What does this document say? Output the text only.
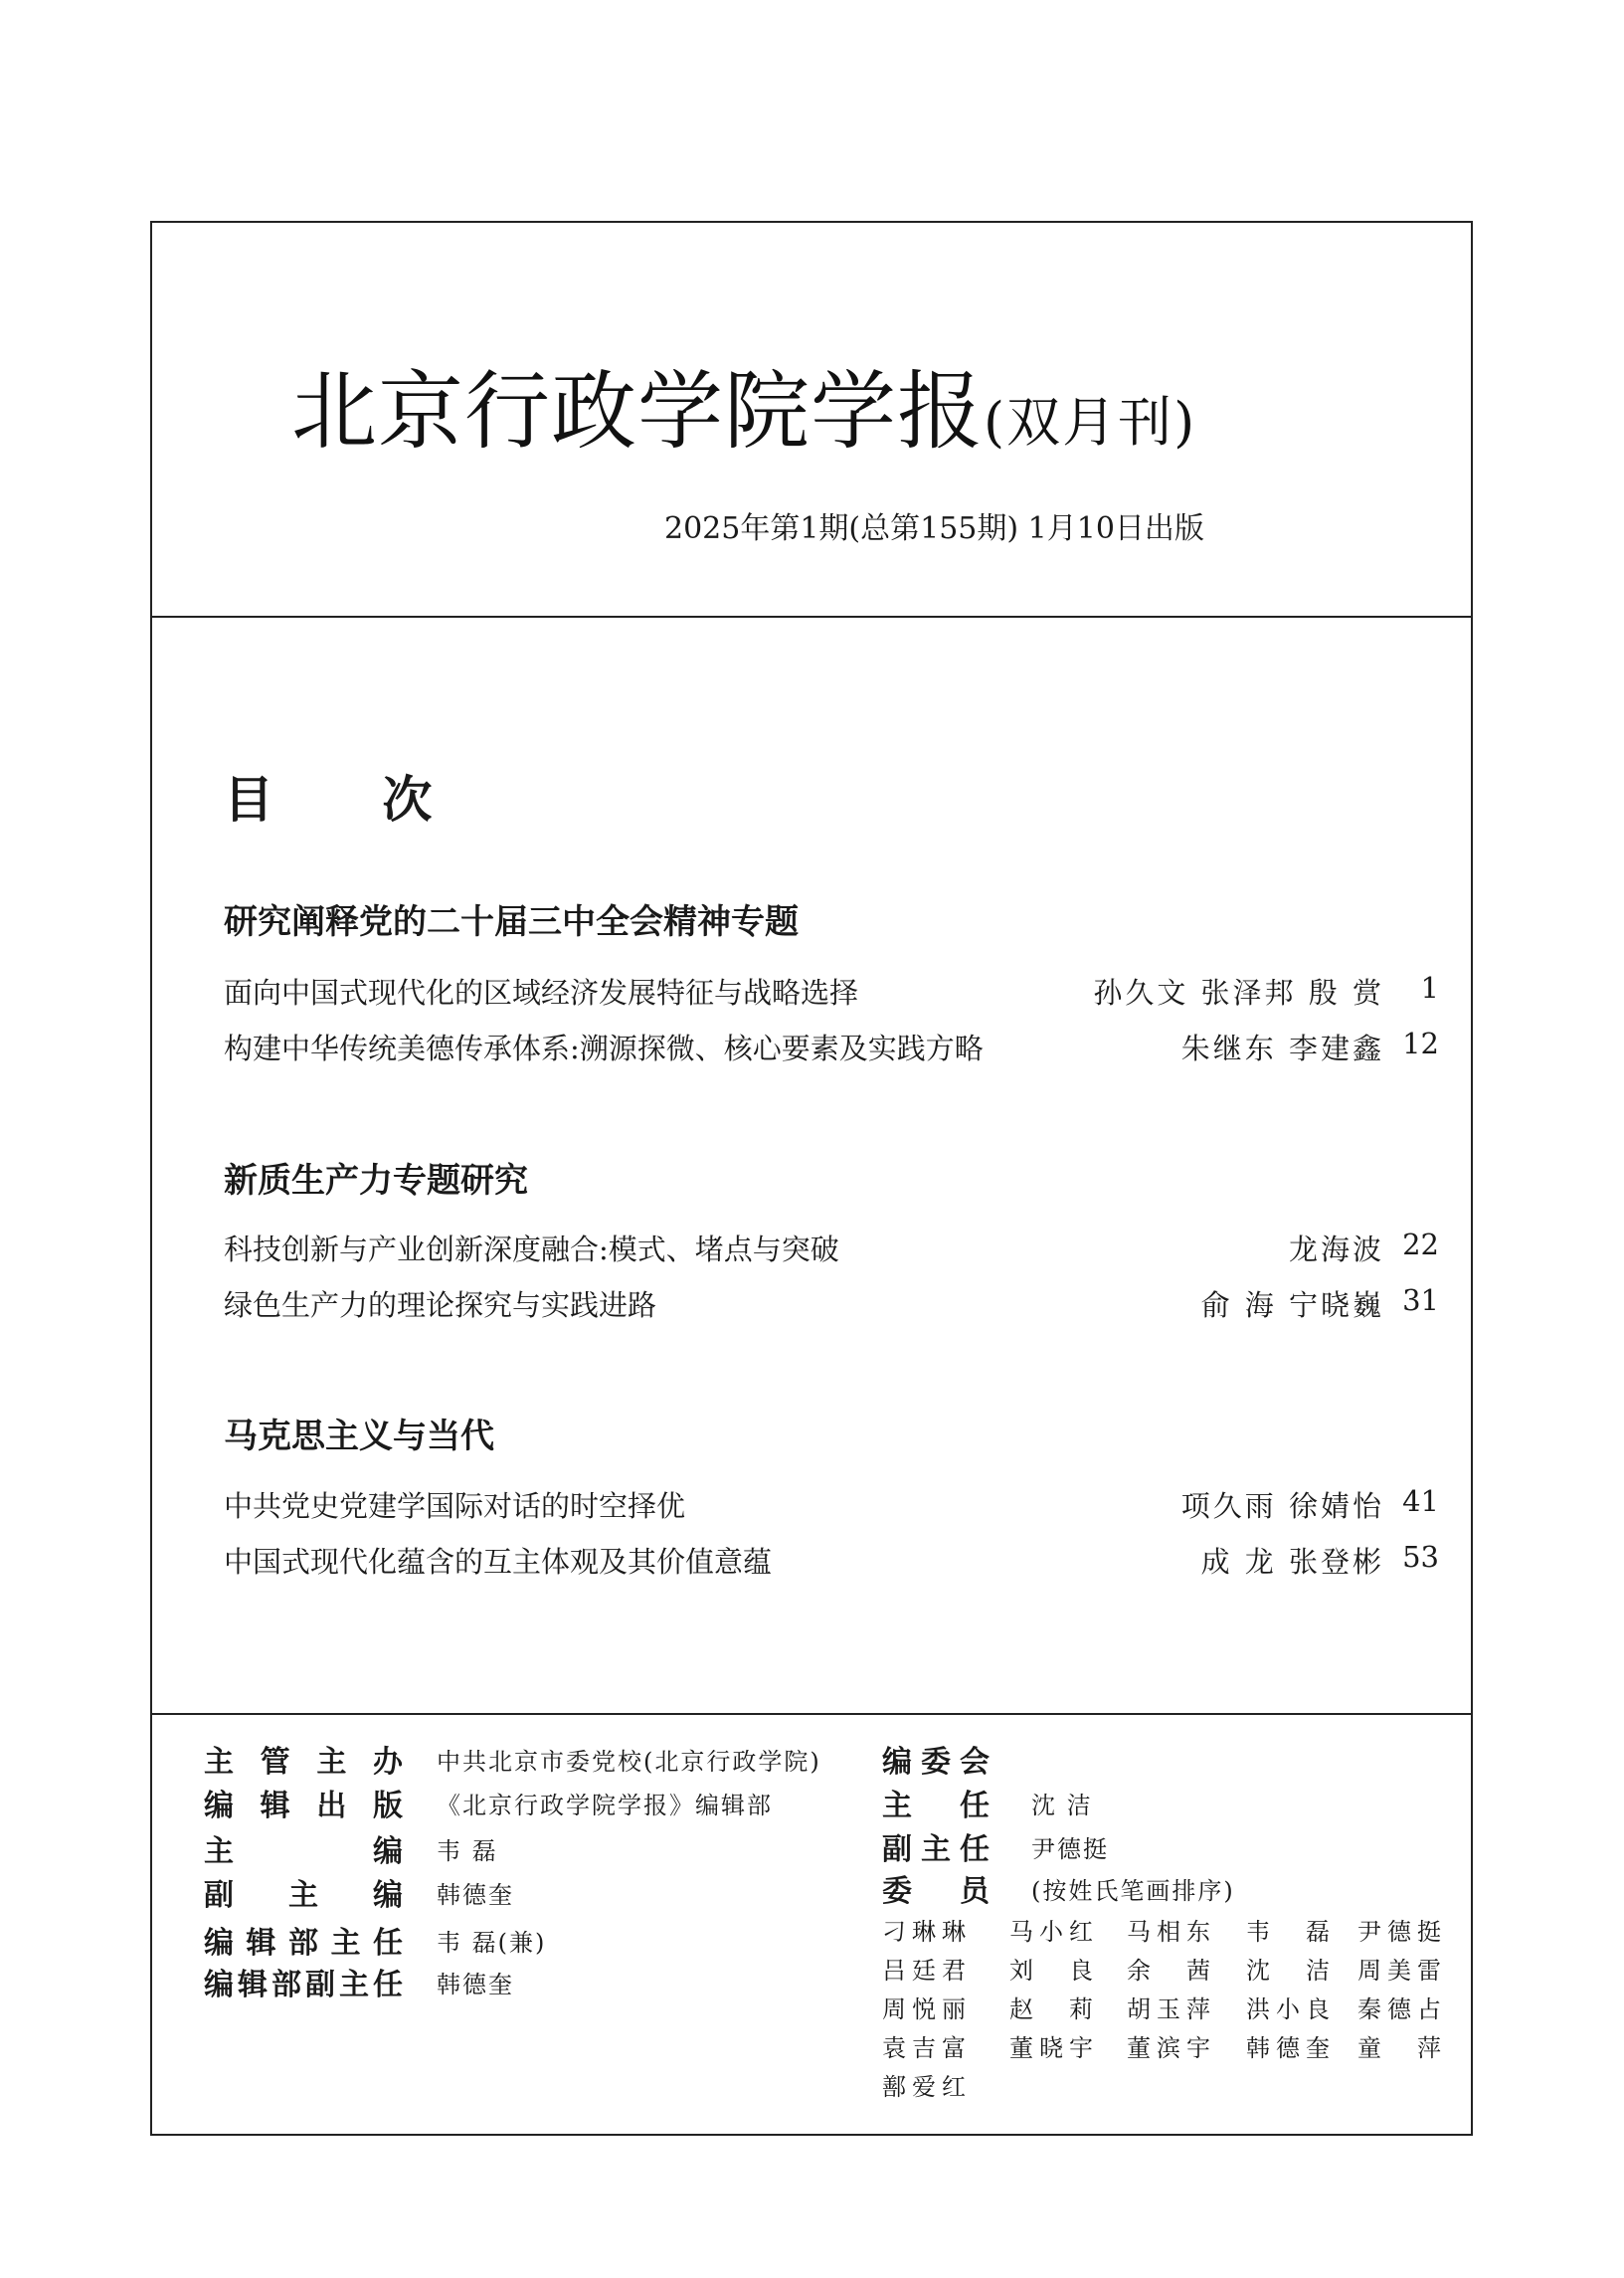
北京行政学院学报(双月刊)
2025年第1期(总第155期) 1月10日出版
目 次
研究阐释党的二十届三中全会精神专题
面向中国式现代化的区域经济发展特征与战略选择	孙久文 张泽邦 殷 赏 1
构建中华传统美德传承体系:溯源探微、核心要素及实践方略	朱继东 李建鑫 12
新质生产力专题研究
科技创新与产业创新深度融合:模式、堵点与突破	龙海波 22
绿色生产力的理论探究与实践进路	俞 海 宁晓巍 31
马克思主义与当代
中共党史党建学国际对话的时空择优	项久雨 徐婧怡 41
中国式现代化蕴含的互主体观及其价值意蕴	成 龙 张登彬 53
主管主办 中共北京市委党校(北京行政学院)
编辑出版 《北京行政学院学报》编辑部
主编 韦 磊
副主编 韩德奎
编辑部主任 韦 磊(兼)
编辑部副主任 韩德奎
编委会
主任 沈 洁
副主任 尹德挺
委员 (按姓氏笔画排序)
刁琳琳 马小红 马相东 韦磊 尹德挺
吕廷君 刘良 余茜 沈洁 周美雷
周悦丽 赵莉 胡玉萍 洪小良 秦德占
袁吉富 董晓宇 董滨宇 韩德奎 童萍
鄯爱红
